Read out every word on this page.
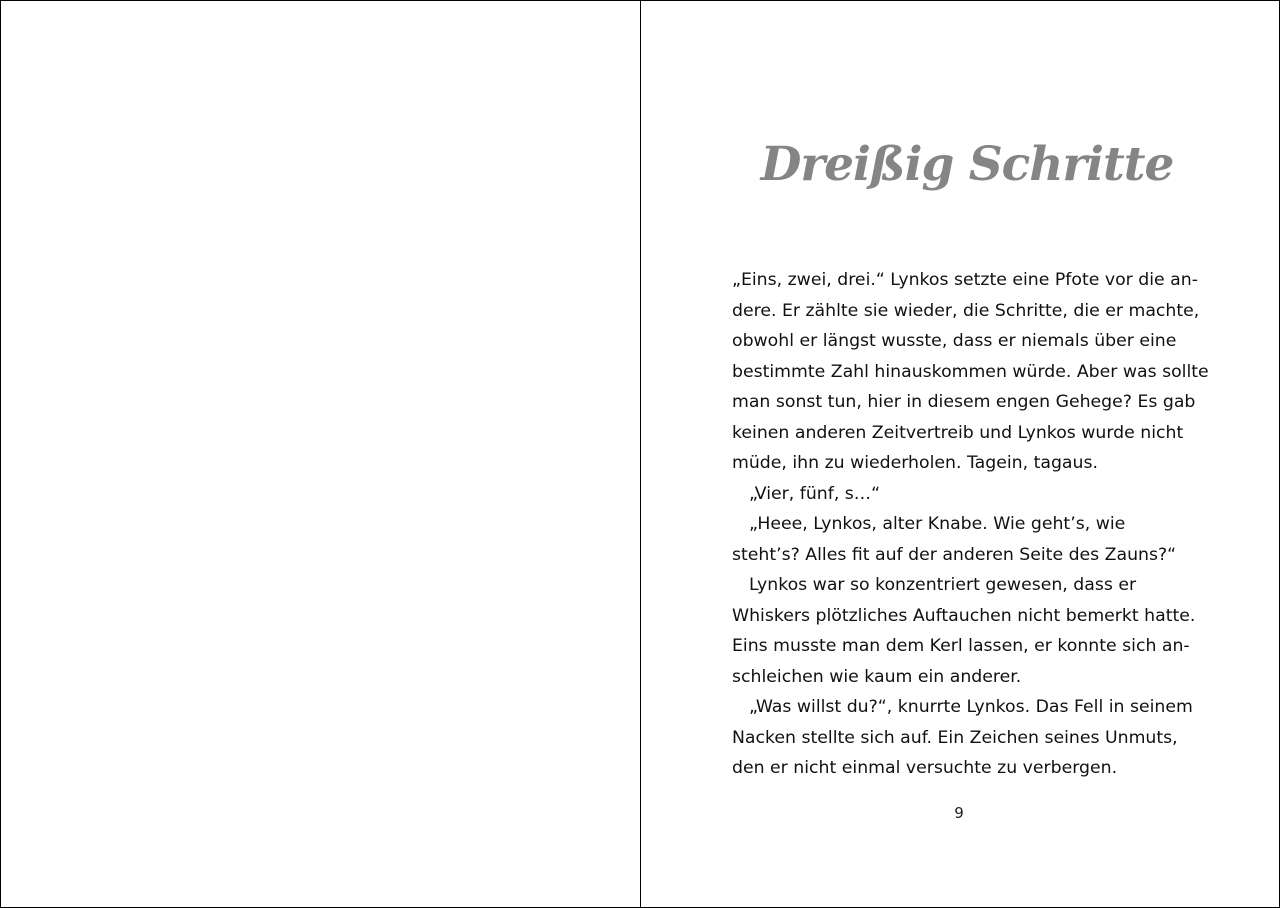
Dreißig Schritte
„Eins, zwei, drei.“ Lynkos setzte eine Pfote vor die an-
dere. Er zählte sie wieder, die Schritte, die er machte,
obwohl er längst wusste, dass er niemals über eine
bestimmte Zahl hinauskommen würde. Aber was sollte
man sonst tun, hier in diesem engen Gehege? Es gab
keinen anderen Zeitvertreib und Lynkos wurde nicht
müde, ihn zu wiederholen. Tagein, tagaus.
„Vier, fünf, s…“
„Heee, Lynkos, alter Knabe. Wie geht’s, wie
steht’s? Alles fit auf der anderen Seite des Zauns?“
Lynkos war so konzentriert gewesen, dass er
Whiskers plötzliches Auftauchen nicht bemerkt hatte.
Eins musste man dem Kerl lassen, er konnte sich an-
schleichen wie kaum ein anderer.
„Was willst du?“, knurrte Lynkos. Das Fell in seinem
Nacken stellte sich auf. Ein Zeichen seines Unmuts,
den er nicht einmal versuchte zu verbergen.
9
